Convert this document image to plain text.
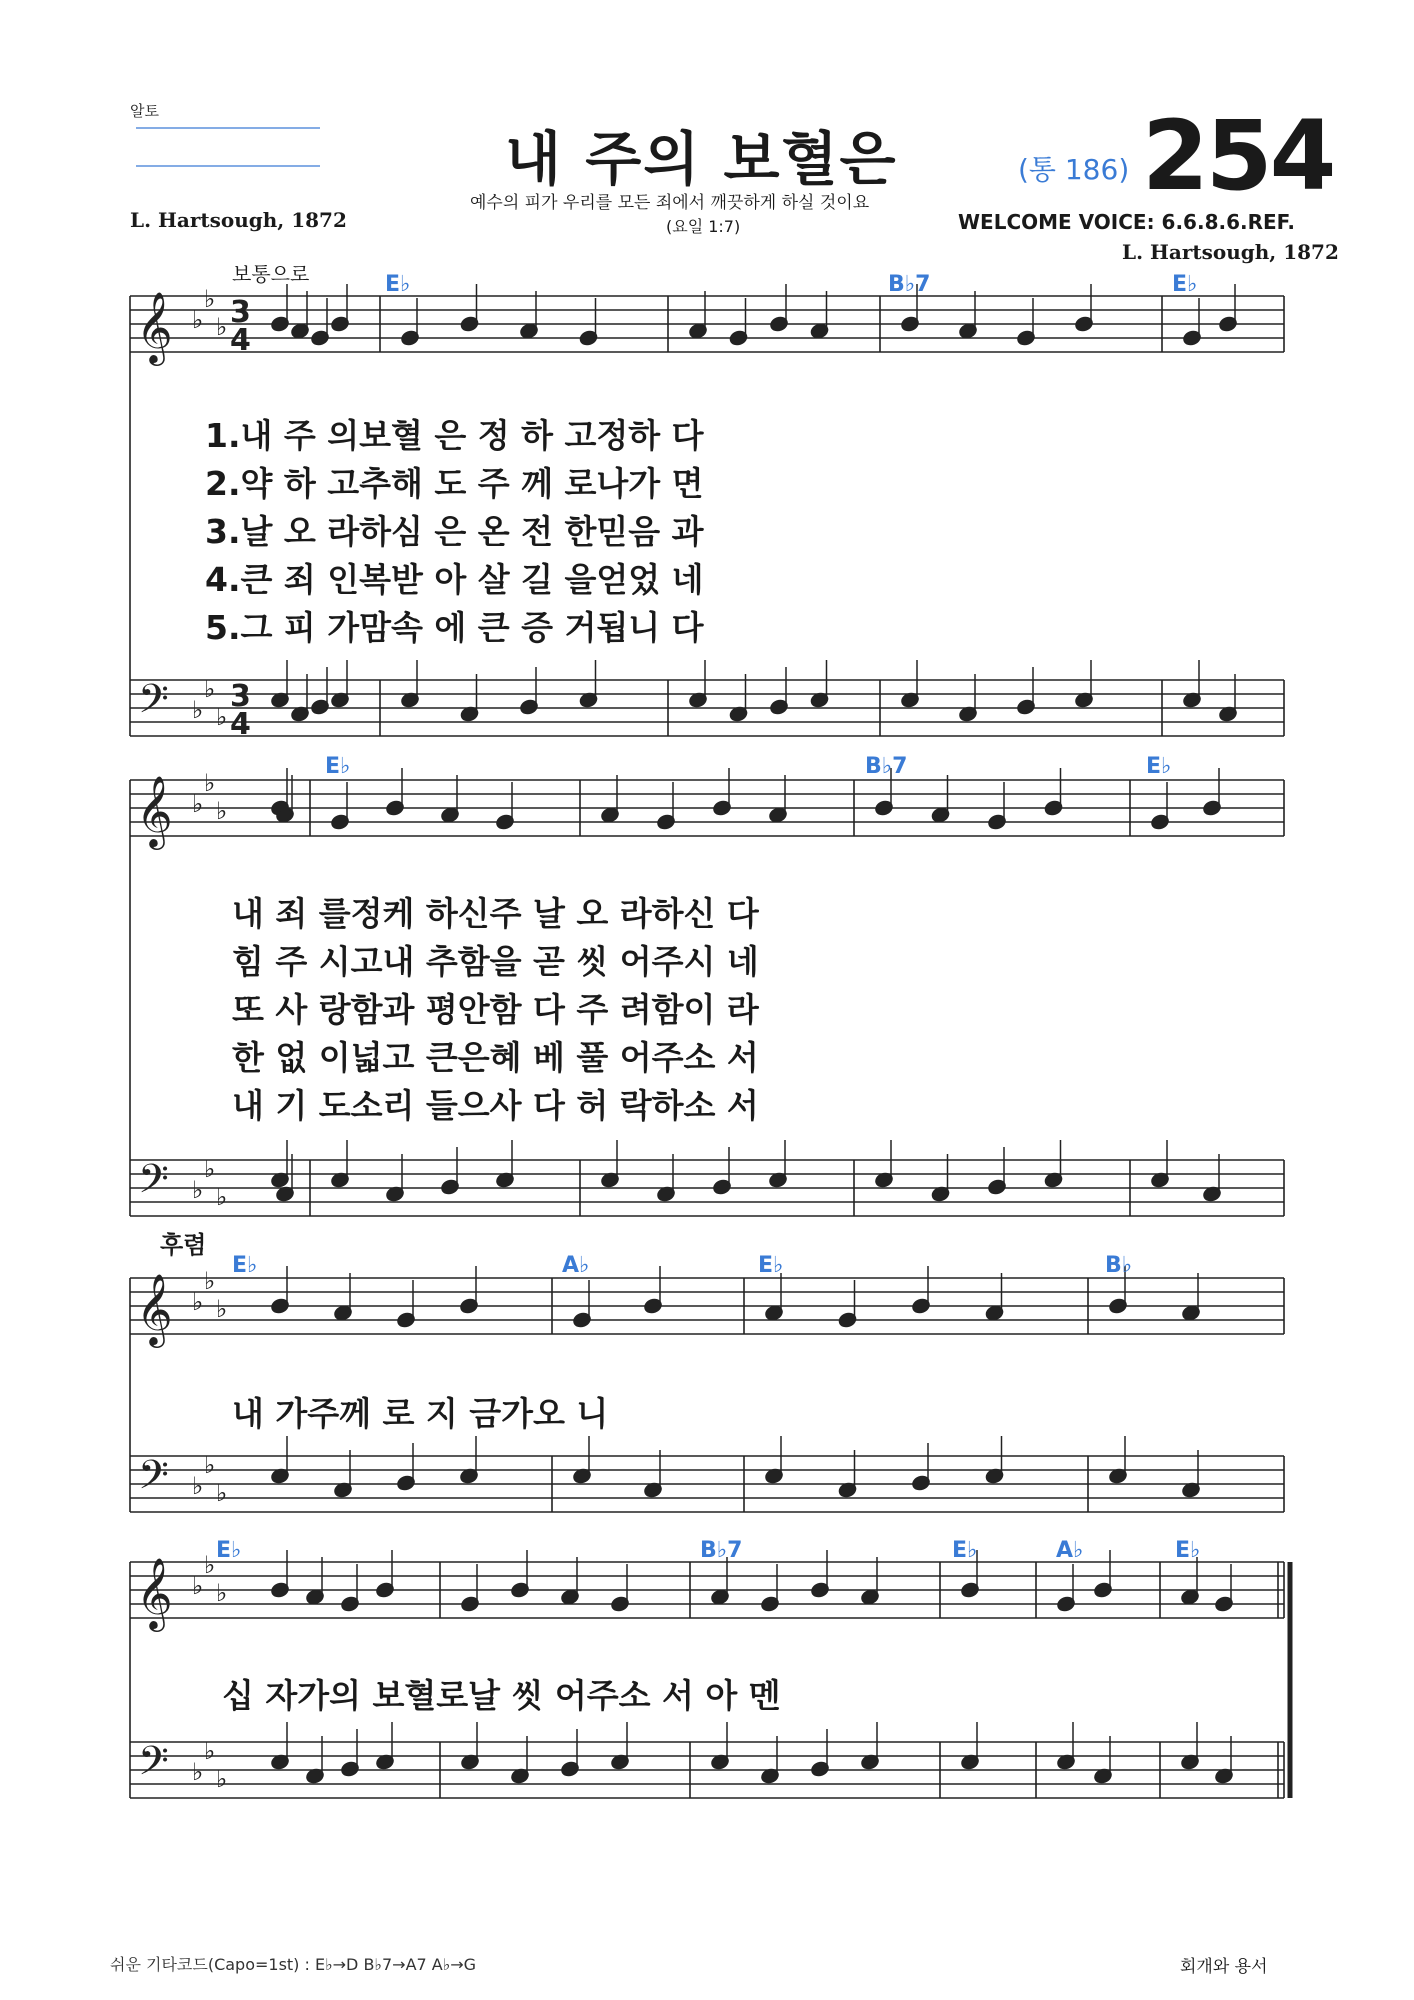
알토
내 주의 보혈은
예수의 피가 우리를 모든 죄에서 깨끗하게 하실 것이요
(요일 1:7)
(통 186) 254
WELCOME VOICE: 6.6.8.6.REF.
L. Hartsough, 1872
L. Hartsough, 1872
보통으로
후렴
𝄞
𝄢
♭
♭
♭
♭
♭
♭
3
3
4
4
𝄞
𝄢
♭
♭
♭
♭
♭
♭
𝄞
𝄢
♭
♭
♭
♭
♭
♭
𝄞
𝄢
♭
♭
♭
♭
♭
♭
E♭	B♭7	E♭
E♭	B♭7	E♭
E♭	A♭	E♭	B♭
E♭	B♭7	E♭	A♭	E♭
1.내 주 의보혈 은 정 하 고정하 다
2.약 하 고추해 도 주 께 로나가 면
3.날 오 라하심 은 온 전 한믿음 과
4.큰 죄 인복받 아 살 길 을얻었 네
5.그 피 가맘속 에 큰 증 거됩니 다
내 죄 를정케 하신주 날 오 라하신 다
힘 주 시고내 추함을 곧 씻 어주시 네
또 사 랑함과 평안함 다 주 려함이 라
한 없 이넓고 큰은혜 베 풀 어주소 서
내 기 도소리 들으사 다 허 락하소 서
내 가주께 로 지 금가오 니
십 자가의 보혈로날 씻 어주소 서 아 멘
쉬운 기타코드(Capo=1st) : E♭→D B♭7→A7 A♭→G	회개와 용서
